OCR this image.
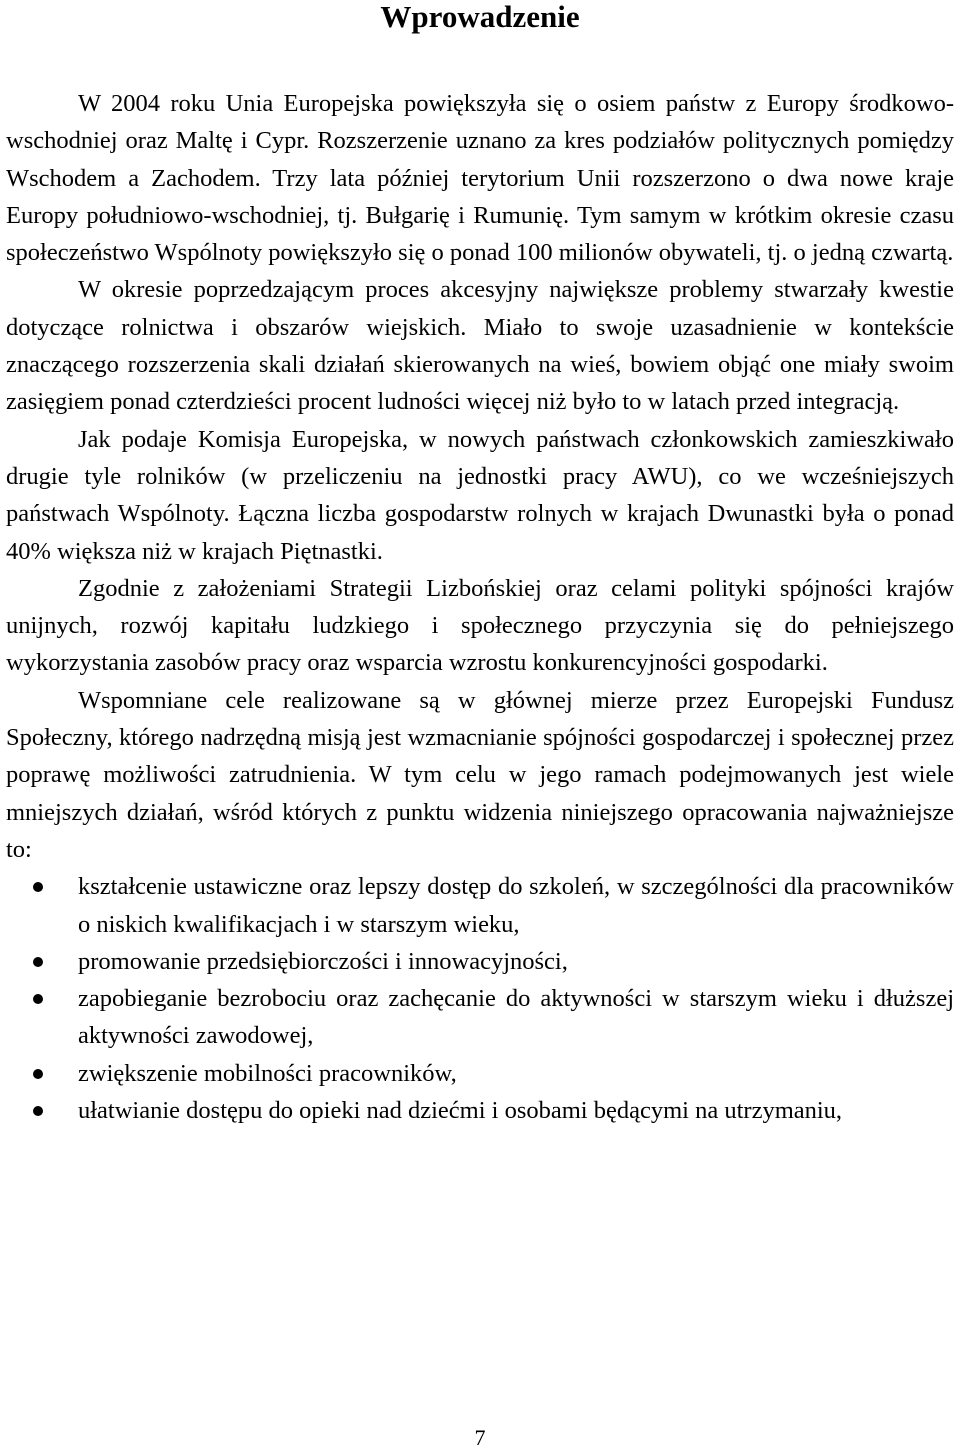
Wprowadzenie

W 2004 roku Unia Europejska powiększyła się o osiem państw z Europy środkowo-wschodniej oraz Maltę i Cypr. Rozszerzenie uznano za kres podziałów politycznych pomiędzy Wschodem a Zachodem. Trzy lata później terytorium Unii rozszerzono o dwa nowe kraje Europy południowo-wschodniej, tj. Bułgarię i Rumunię. Tym samym w krótkim okresie czasu społeczeństwo Wspólnoty powiększyło się o ponad 100 milionów obywateli, tj. o jedną czwartą.

W okresie poprzedzającym proces akcesyjny największe problemy stwarzały kwestie dotyczące rolnictwa i obszarów wiejskich. Miało to swoje uzasadnienie w kontekście znaczącego rozszerzenia skali działań skierowanych na wieś, bowiem objąć one miały swoim zasięgiem ponad czterdzieści procent ludności więcej niż było to w latach przed integracją.

Jak podaje Komisja Europejska, w nowych państwach członkowskich zamieszkiwało drugie tyle rolników (w przeliczeniu na jednostki pracy AWU), co we wcześniejszych państwach Wspólnoty. Łączna liczba gospodarstw rolnych w krajach Dwunastki była o ponad 40% większa niż w krajach Piętnastki.

Zgodnie z założeniami Strategii Lizbońskiej oraz celami polityki spójności krajów unijnych, rozwój kapitału ludzkiego i społecznego przyczynia się do pełniejszego wykorzystania zasobów pracy oraz wsparcia wzrostu konkurencyjności gospodarki.

Wspomniane cele realizowane są w głównej mierze przez Europejski Fundusz Społeczny, którego nadrzędną misją jest wzmacnianie spójności gospodarczej i społecznej przez poprawę możliwości zatrudnienia. W tym celu w jego ramach podejmowanych jest wiele mniejszych działań, wśród których z punktu widzenia niniejszego opracowania najważniejsze to:

kształcenie ustawiczne oraz lepszy dostęp do szkoleń, w szczególności dla pracowników o niskich kwalifikacjach i w starszym wieku,
promowanie przedsiębiorczości i innowacyjności,
zapobieganie bezrobociu oraz zachęcanie do aktywności w starszym wieku i dłuższej aktywności zawodowej,
zwiększenie mobilności pracowników,
ułatwianie dostępu do opieki nad dziećmi i osobami będącymi na utrzymaniu,
7
